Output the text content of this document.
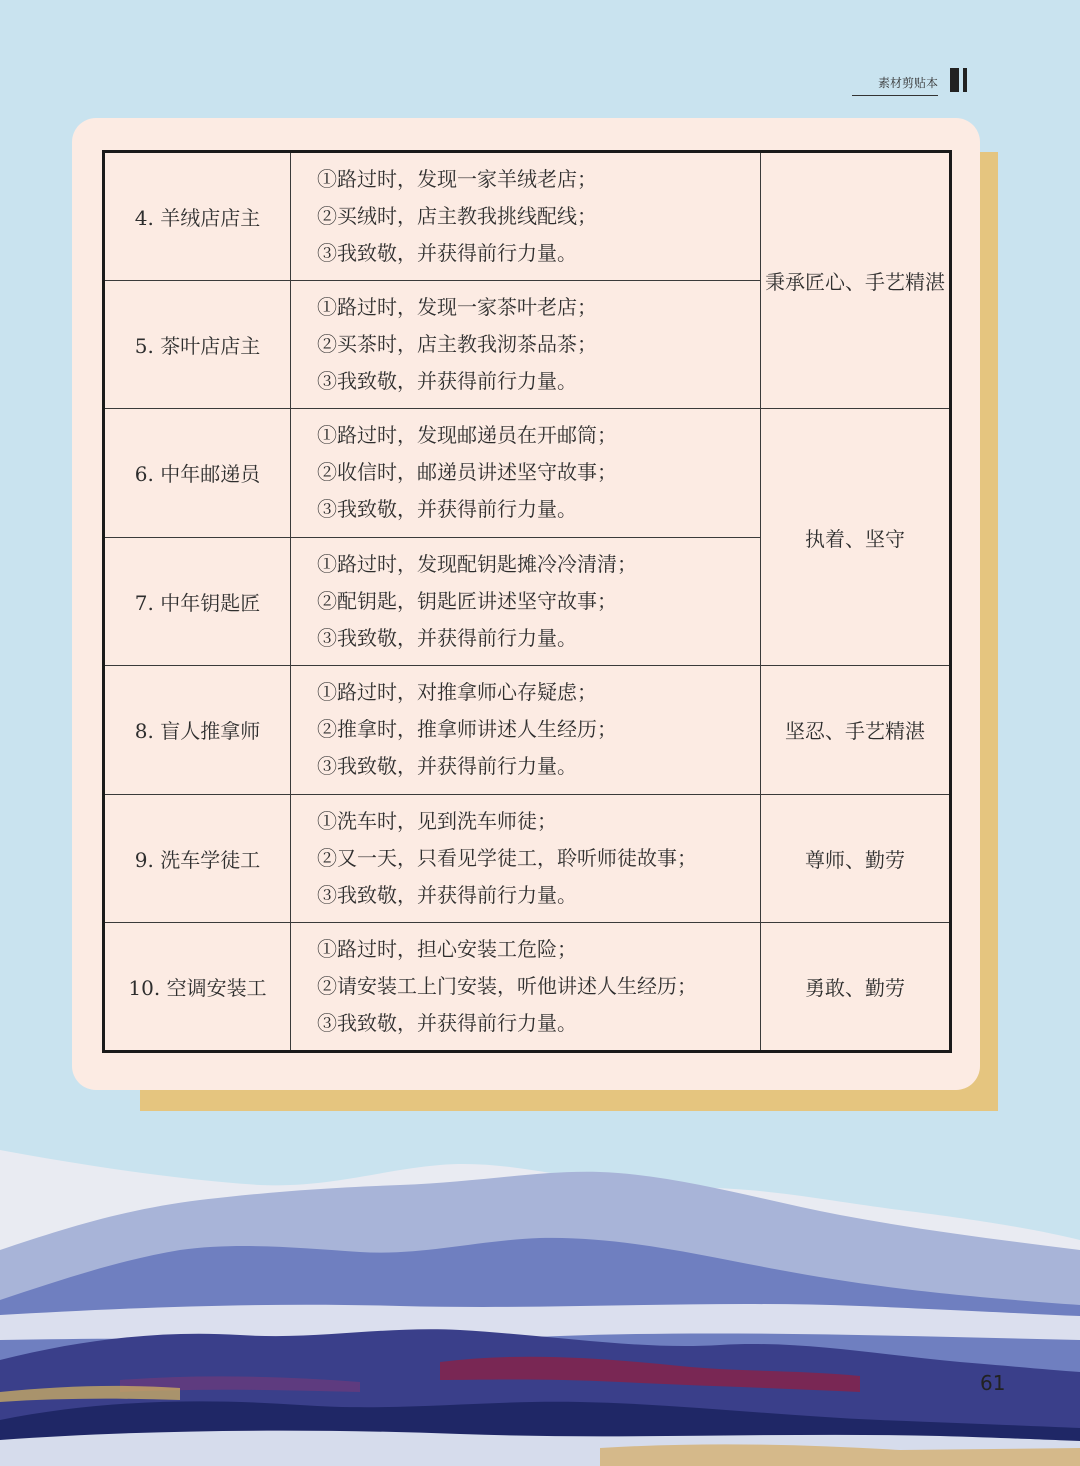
素材剪贴本
4. 羊绒店店主	①路过时，发现一家羊绒老店；
②买绒时，店主教我挑线配线；
③我致敬，并获得前行力量。	秉承匠心、手艺精湛
5. 茶叶店店主	①路过时，发现一家茶叶老店；
②买茶时，店主教我沏茶品茶；
③我致敬，并获得前行力量。	

6. 中年邮递员	①路过时，发现邮递员在开邮筒；
②收信时，邮递员讲述坚守故事；
③我致敬，并获得前行力量。	执着、坚守
7. 中年钥匙匠	①路过时，发现配钥匙摊冷冷清清；
②配钥匙，钥匙匠讲述坚守故事；
③我致敬，并获得前行力量。	

8. 盲人推拿师	①路过时，对推拿师心存疑虑；
②推拿时，推拿师讲述人生经历；
③我致敬，并获得前行力量。	坚忍、手艺精湛
9. 洗车学徒工	①洗车时，见到洗车师徒；
②又一天，只看见学徒工，聆听师徒故事；
③我致敬，并获得前行力量。	尊师、勤劳
10. 空调安装工	①路过时，担心安装工危险；
②请安装工上门安装，听他讲述人生经历；
③我致敬，并获得前行力量。	勇敢、勤劳
61
